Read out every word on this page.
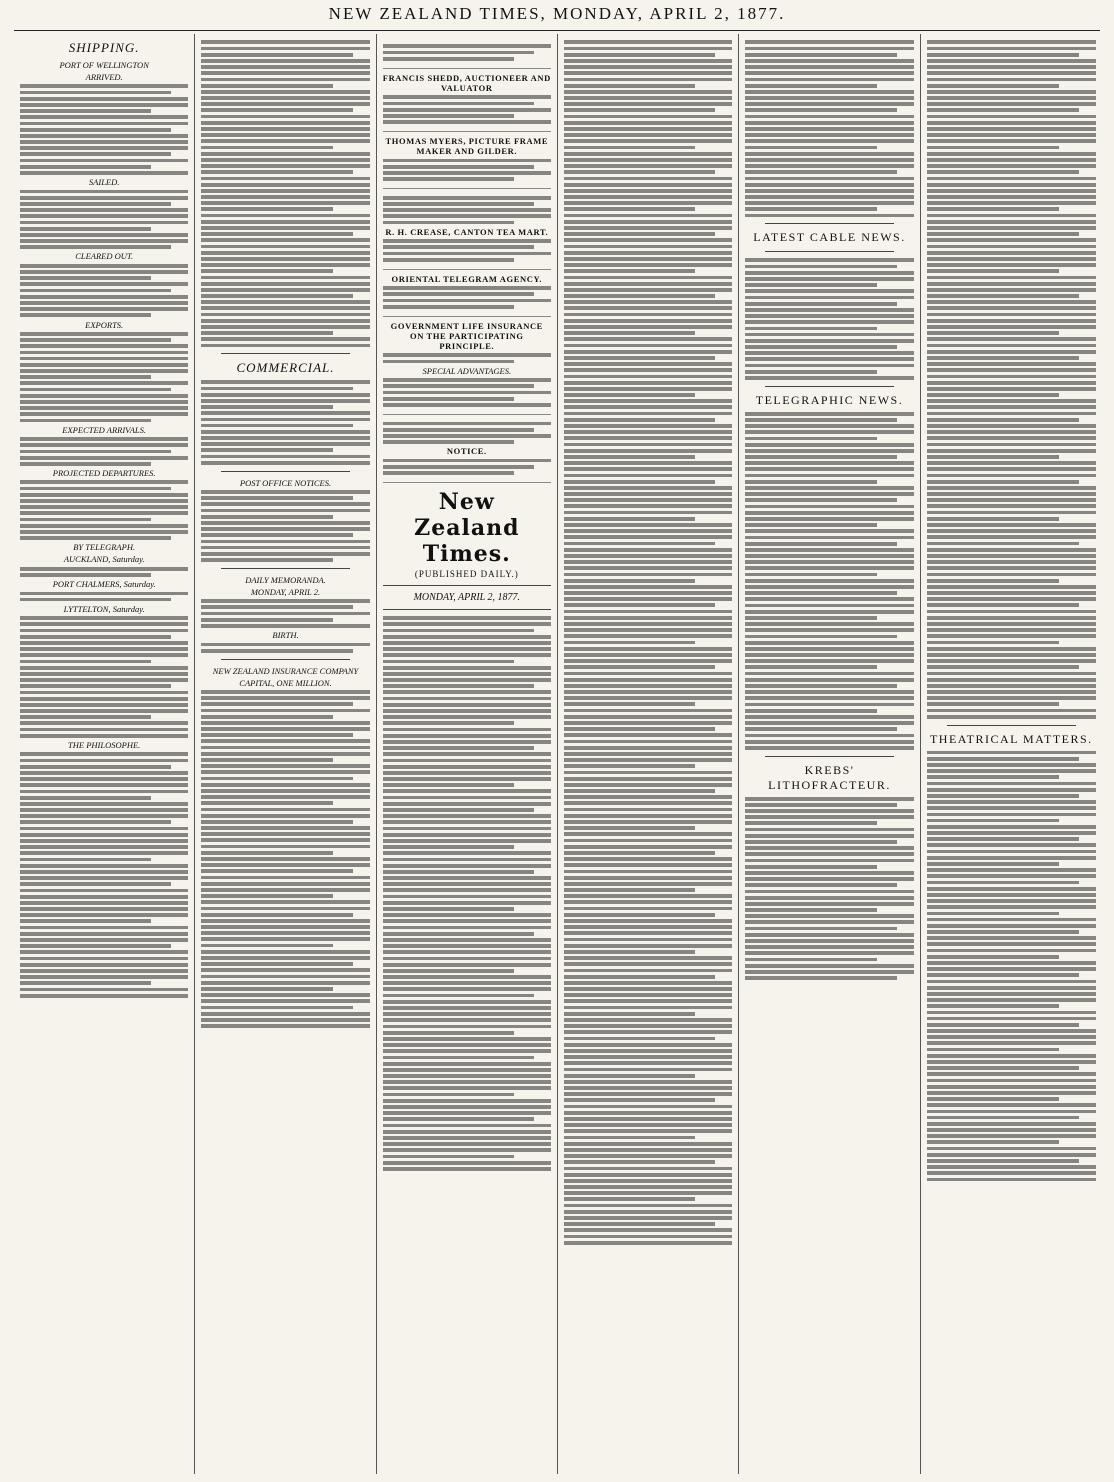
NEW ZEALAND TIMES, MONDAY, APRIL 2, 1877.
SHIPPING.
PORT OF WELLINGTON
ARRIVED.
SAILED.
CLEARED OUT.
EXPORTS.
EXPECTED ARRIVALS.
PROJECTED DEPARTURES.
BY TELEGRAPH.
AUCKLAND, Saturday.
PORT CHALMERS, Saturday.
LYTTELTON, Saturday.
THE PHILOSOPHE.
COMMERCIAL.
POST OFFICE NOTICES.
DAILY MEMORANDA.
MONDAY, APRIL 2.
BIRTH.
NEW ZEALAND INSURANCE COMPANY
CAPITAL, ONE MILLION.
FRANCIS SHEDD, AUCTIONEER AND VALUATOR
THOMAS MYERS, PICTURE FRAME MAKER AND GILDER.
R. H. CREASE, CANTON TEA MART.
ORIENTAL TELEGRAM AGENCY.
GOVERNMENT LIFE INSURANCE ON THE PARTICIPATING PRINCIPLE.
SPECIAL ADVANTAGES.
NOTICE.
New Zealand Times.
(PUBLISHED DAILY.)
MONDAY, APRIL 2, 1877.
LATEST CABLE NEWS.
TELEGRAPHIC NEWS.
KREBS' LITHOFRACTEUR.
THEATRICAL MATTERS.
